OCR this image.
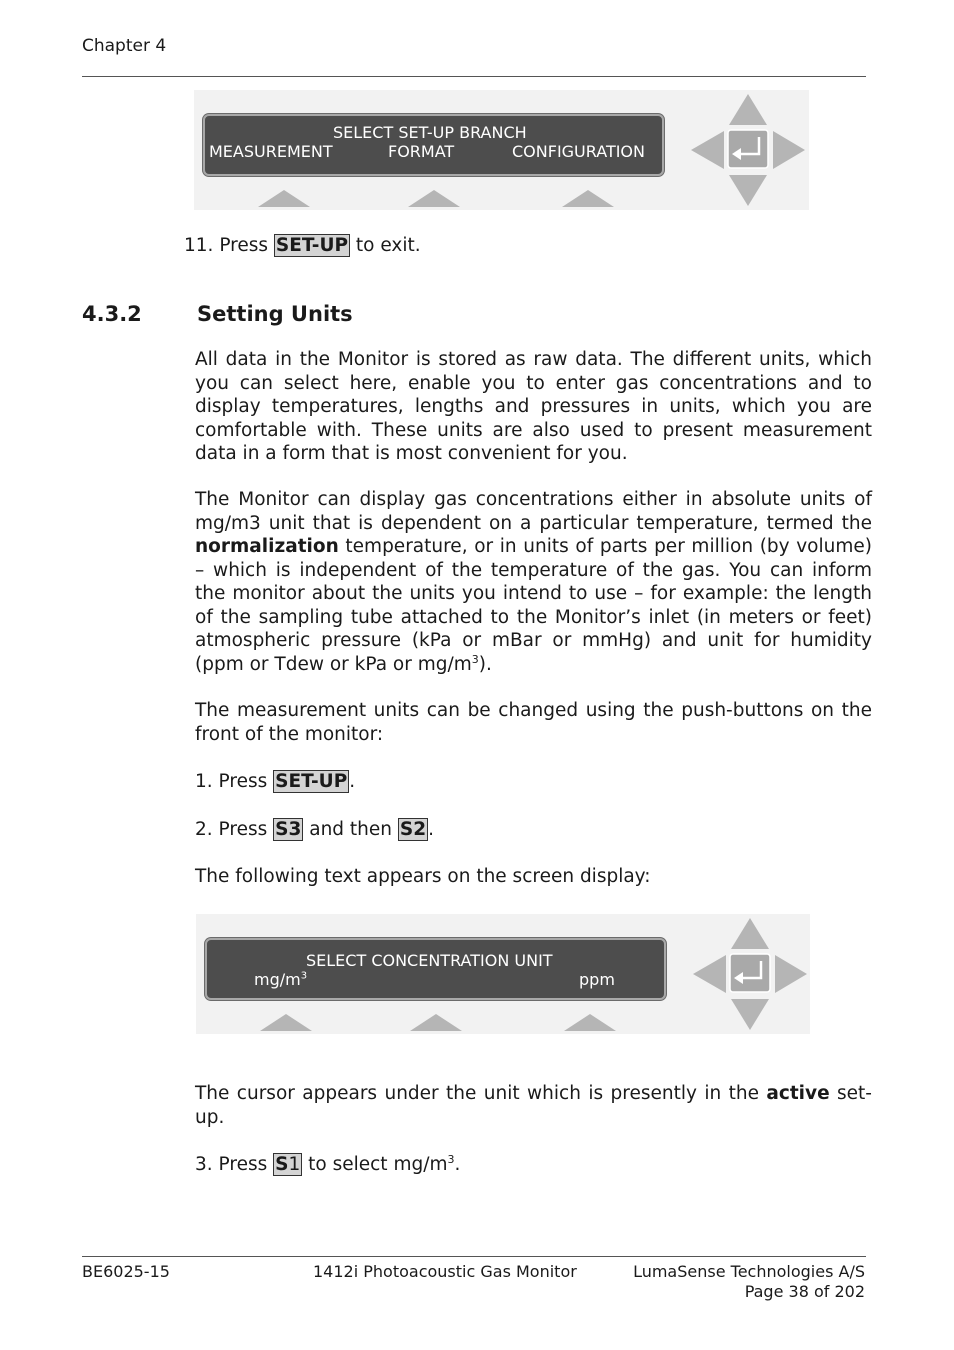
Chapter 4
SELECT SET-UP BRANCH
MEASUREMENT	FORMAT	CONFIGURATION
11. Press SET-UP to exit.
4.3.2	Setting Units

All data in the Monitor is stored as raw data. The different units, which you can select here, enable you to enter gas concentrations and to display temperatures, lengths and pressures in units, which you are comfortable with. These units are also used to present measurement data in a form that is most convenient for you.

The Monitor can display gas concentrations either in absolute units of mg/m3 unit that is dependent on a particular temperature, termed the normalization temperature, or in units of parts per million (by volume) – which is independent of the temperature of the gas. You can inform the monitor about the units you intend to use – for example: the length of the sampling tube attached to the Monitor’s inlet (in meters or feet) atmospheric pressure (kPa or mBar or mmHg) and unit for humidity (ppm or Tdew or kPa or $mg/m^3$).

The measurement units can be changed using the push-buttons on the front of the monitor:

1. Press SET-UP .
2. Press S3 and then S2 .

The following text appears on the screen display:

SELECT CONCENTRATION UNIT
$mg/m^3$	ppm

The cursor appears under the unit which is presently in the active set-up.

3. Press S1 to select $mg/m^3$.
BE6025-15	1412i Photoacoustic Gas Monitor	LumaSense Technologies A/S
Page 38 of 202
